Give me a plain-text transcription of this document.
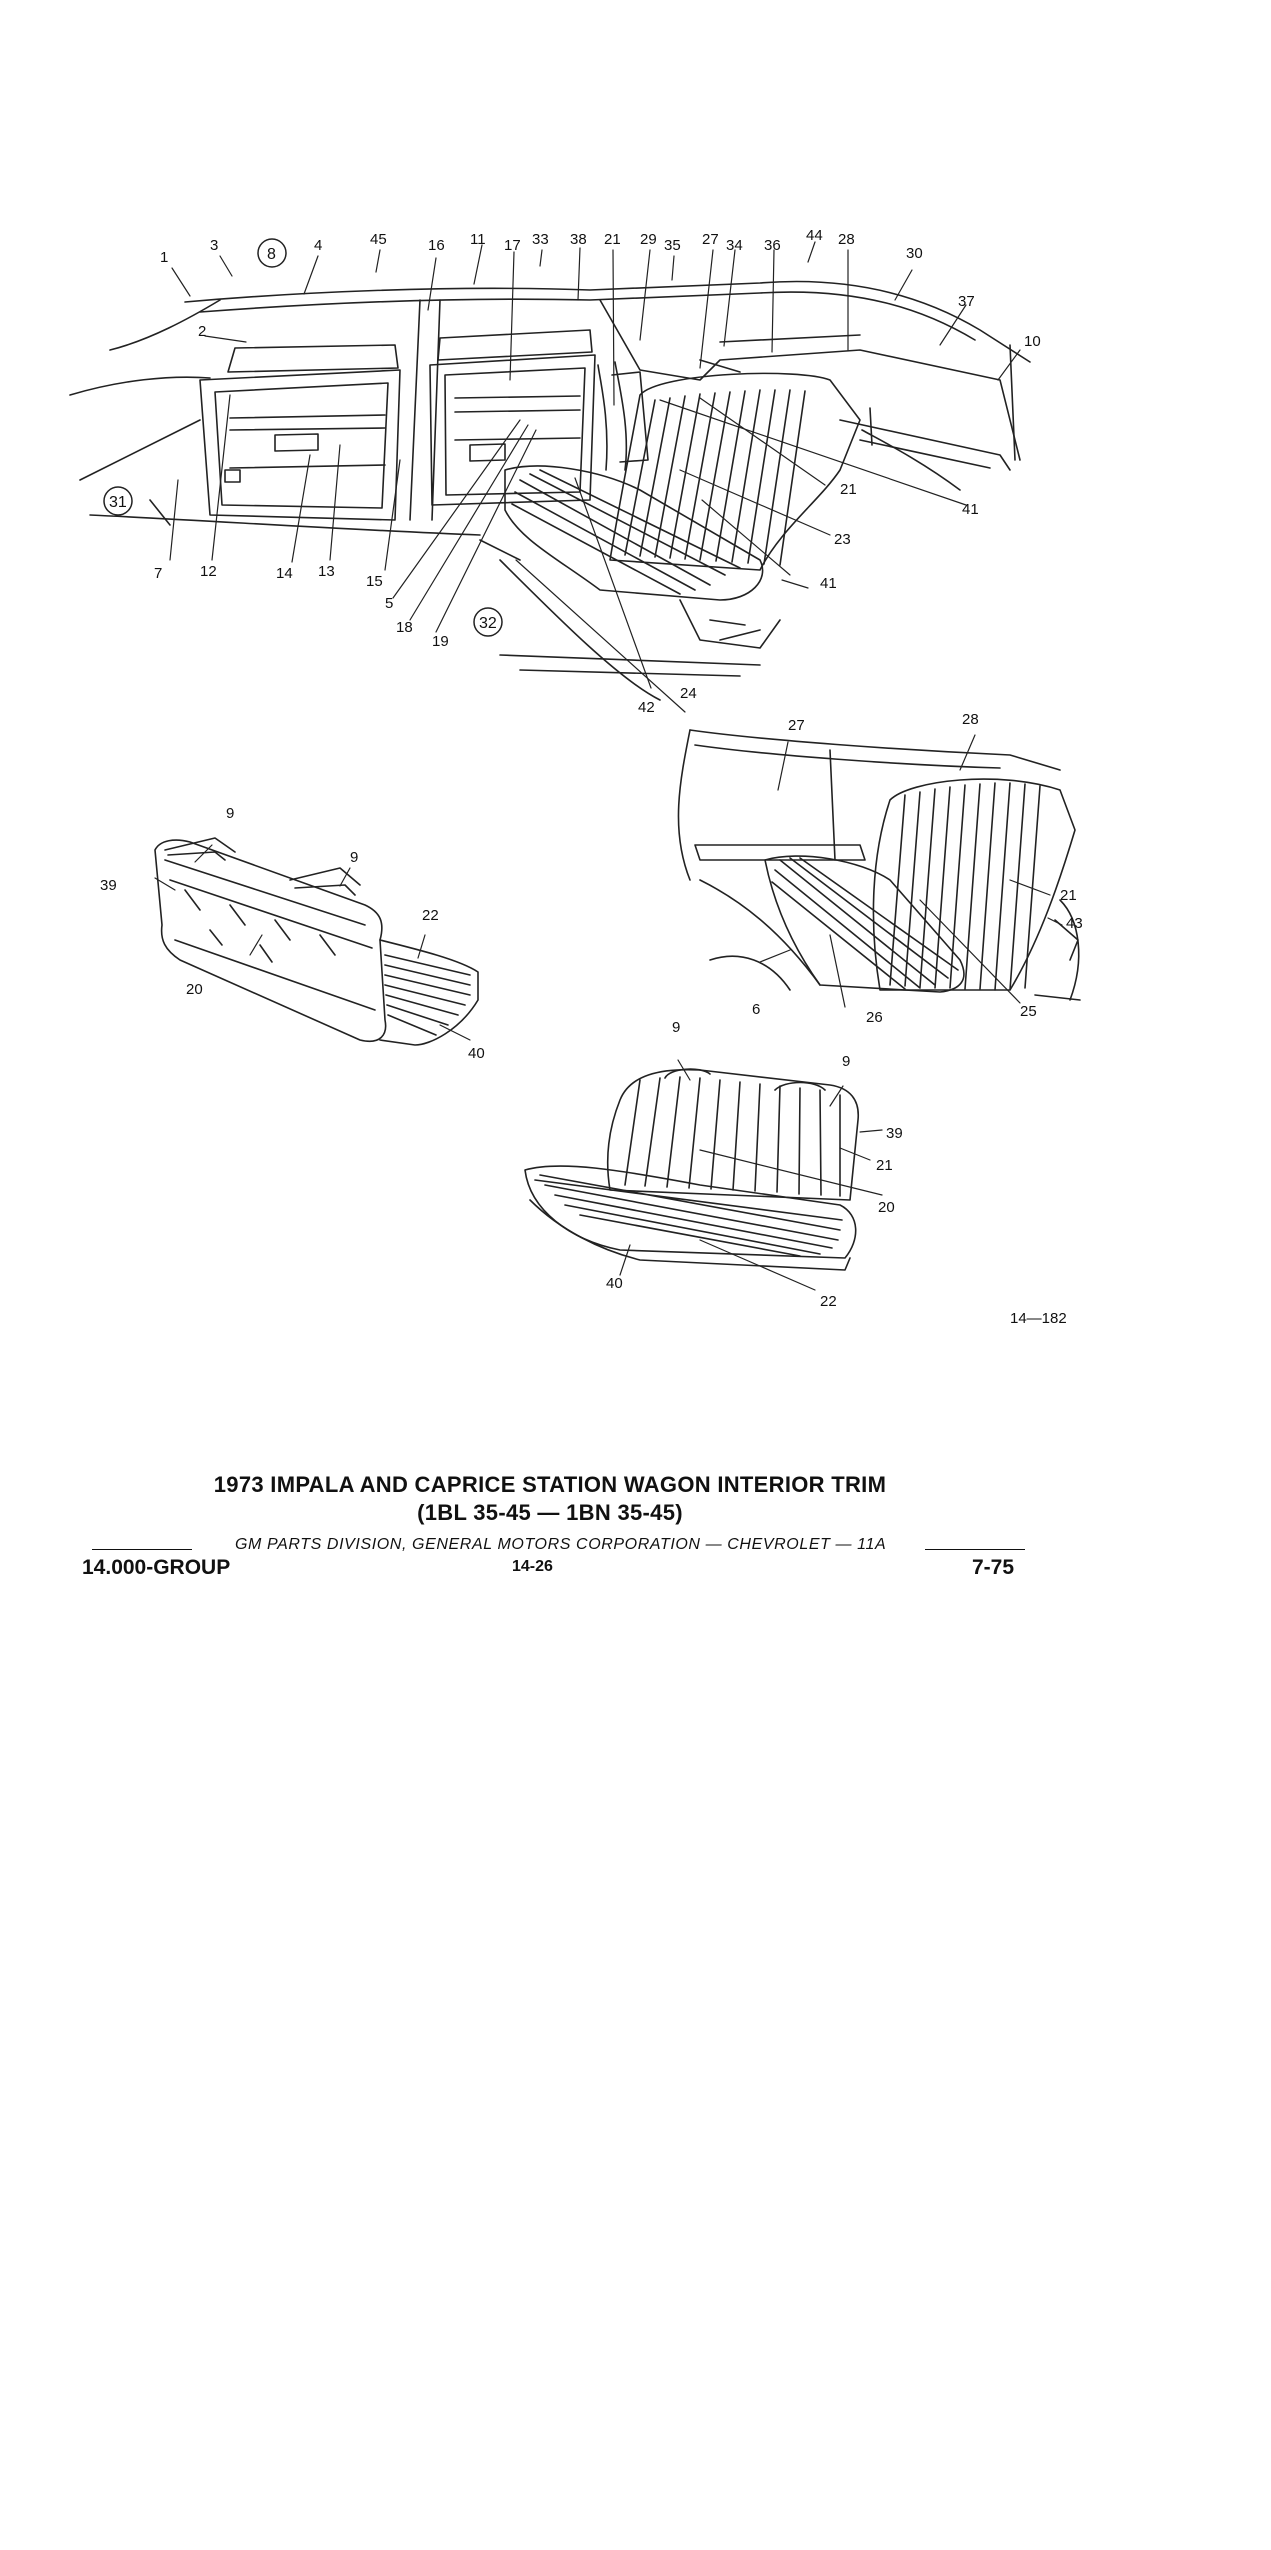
1
2
3	4	45	16 11 17 33 38 21 29 35 27 34 36
44 28
30
37
10
7	12	14 13
15
5
18
19
21
23
41
41
24
42
39
9
9
22
20
40
27	28
21
43
6	26	25
9
9
39
21
20
22
40
8
31
32
14—182
1973 IMPALA AND CAPRICE STATION WAGON INTERIOR TRIM
(1BL 35-45 — 1BN 35-45)
GM PARTS DIVISION, GENERAL MOTORS CORPORATION — CHEVROLET — 11A
14.000-GROUP	14-26	7-75
